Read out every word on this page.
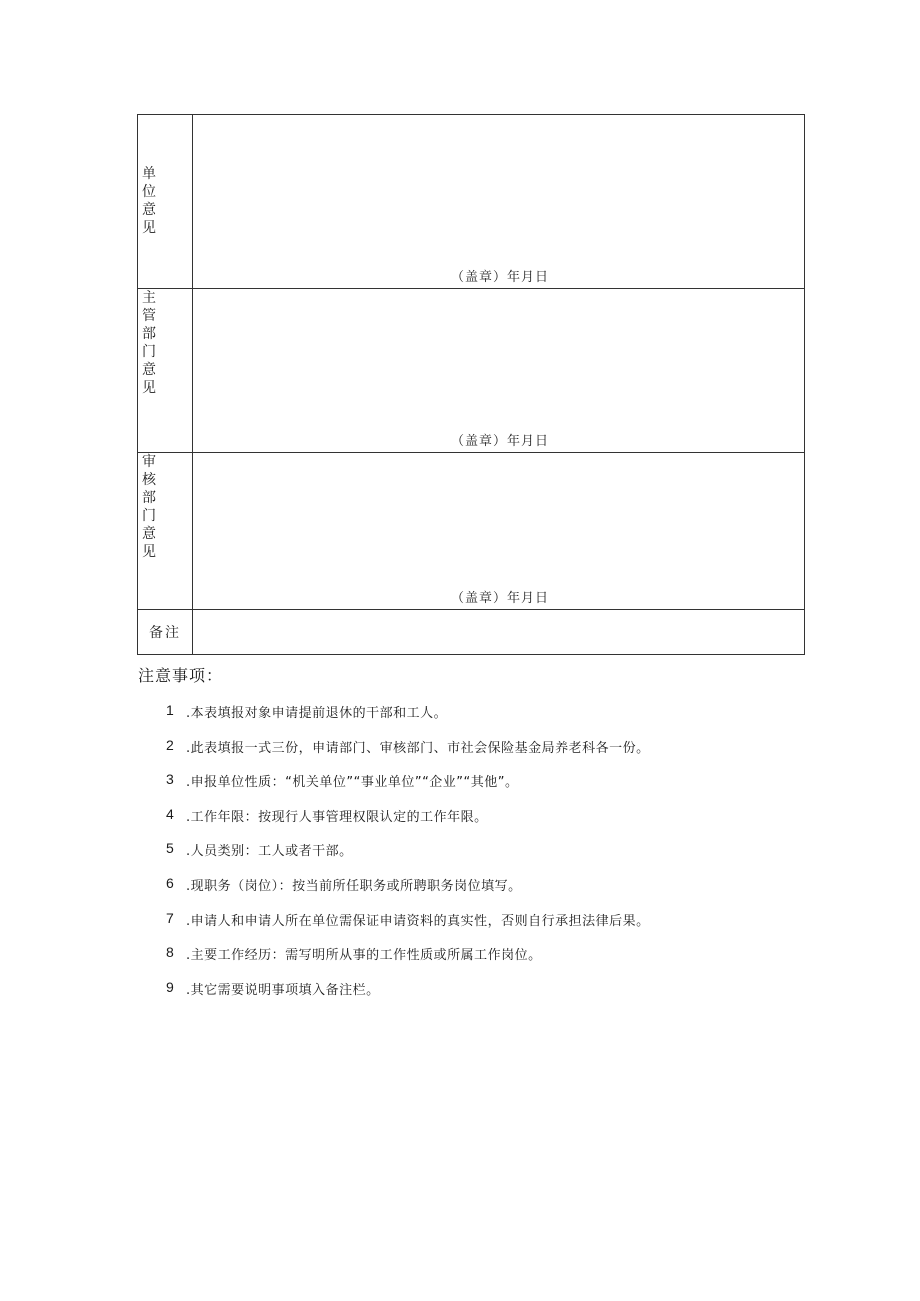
单位意见	（盖章）年月日

主管部门意见	（盖章）年月日

审核部门意见	（盖章）年月日

备注	
注意事项：
1 .本表填报对象申请提前退休的干部和工人。
2 .此表填报一式三份，申请部门、审核部门、市社会保险基金局养老科各一份。
3 .申报单位性质：“机关单位”“事业单位”“企业”“其他”。
4 .工作年限：按现行人事管理权限认定的工作年限。
5 .人员类别：工人或者干部。
6 .现职务（岗位）：按当前所任职务或所聘职务岗位填写。
7 .申请人和申请人所在单位需保证申请资料的真实性，否则自行承担法律后果。
8 .主要工作经历：需写明所从事的工作性质或所属工作岗位。
9 .其它需要说明事项填入备注栏。
